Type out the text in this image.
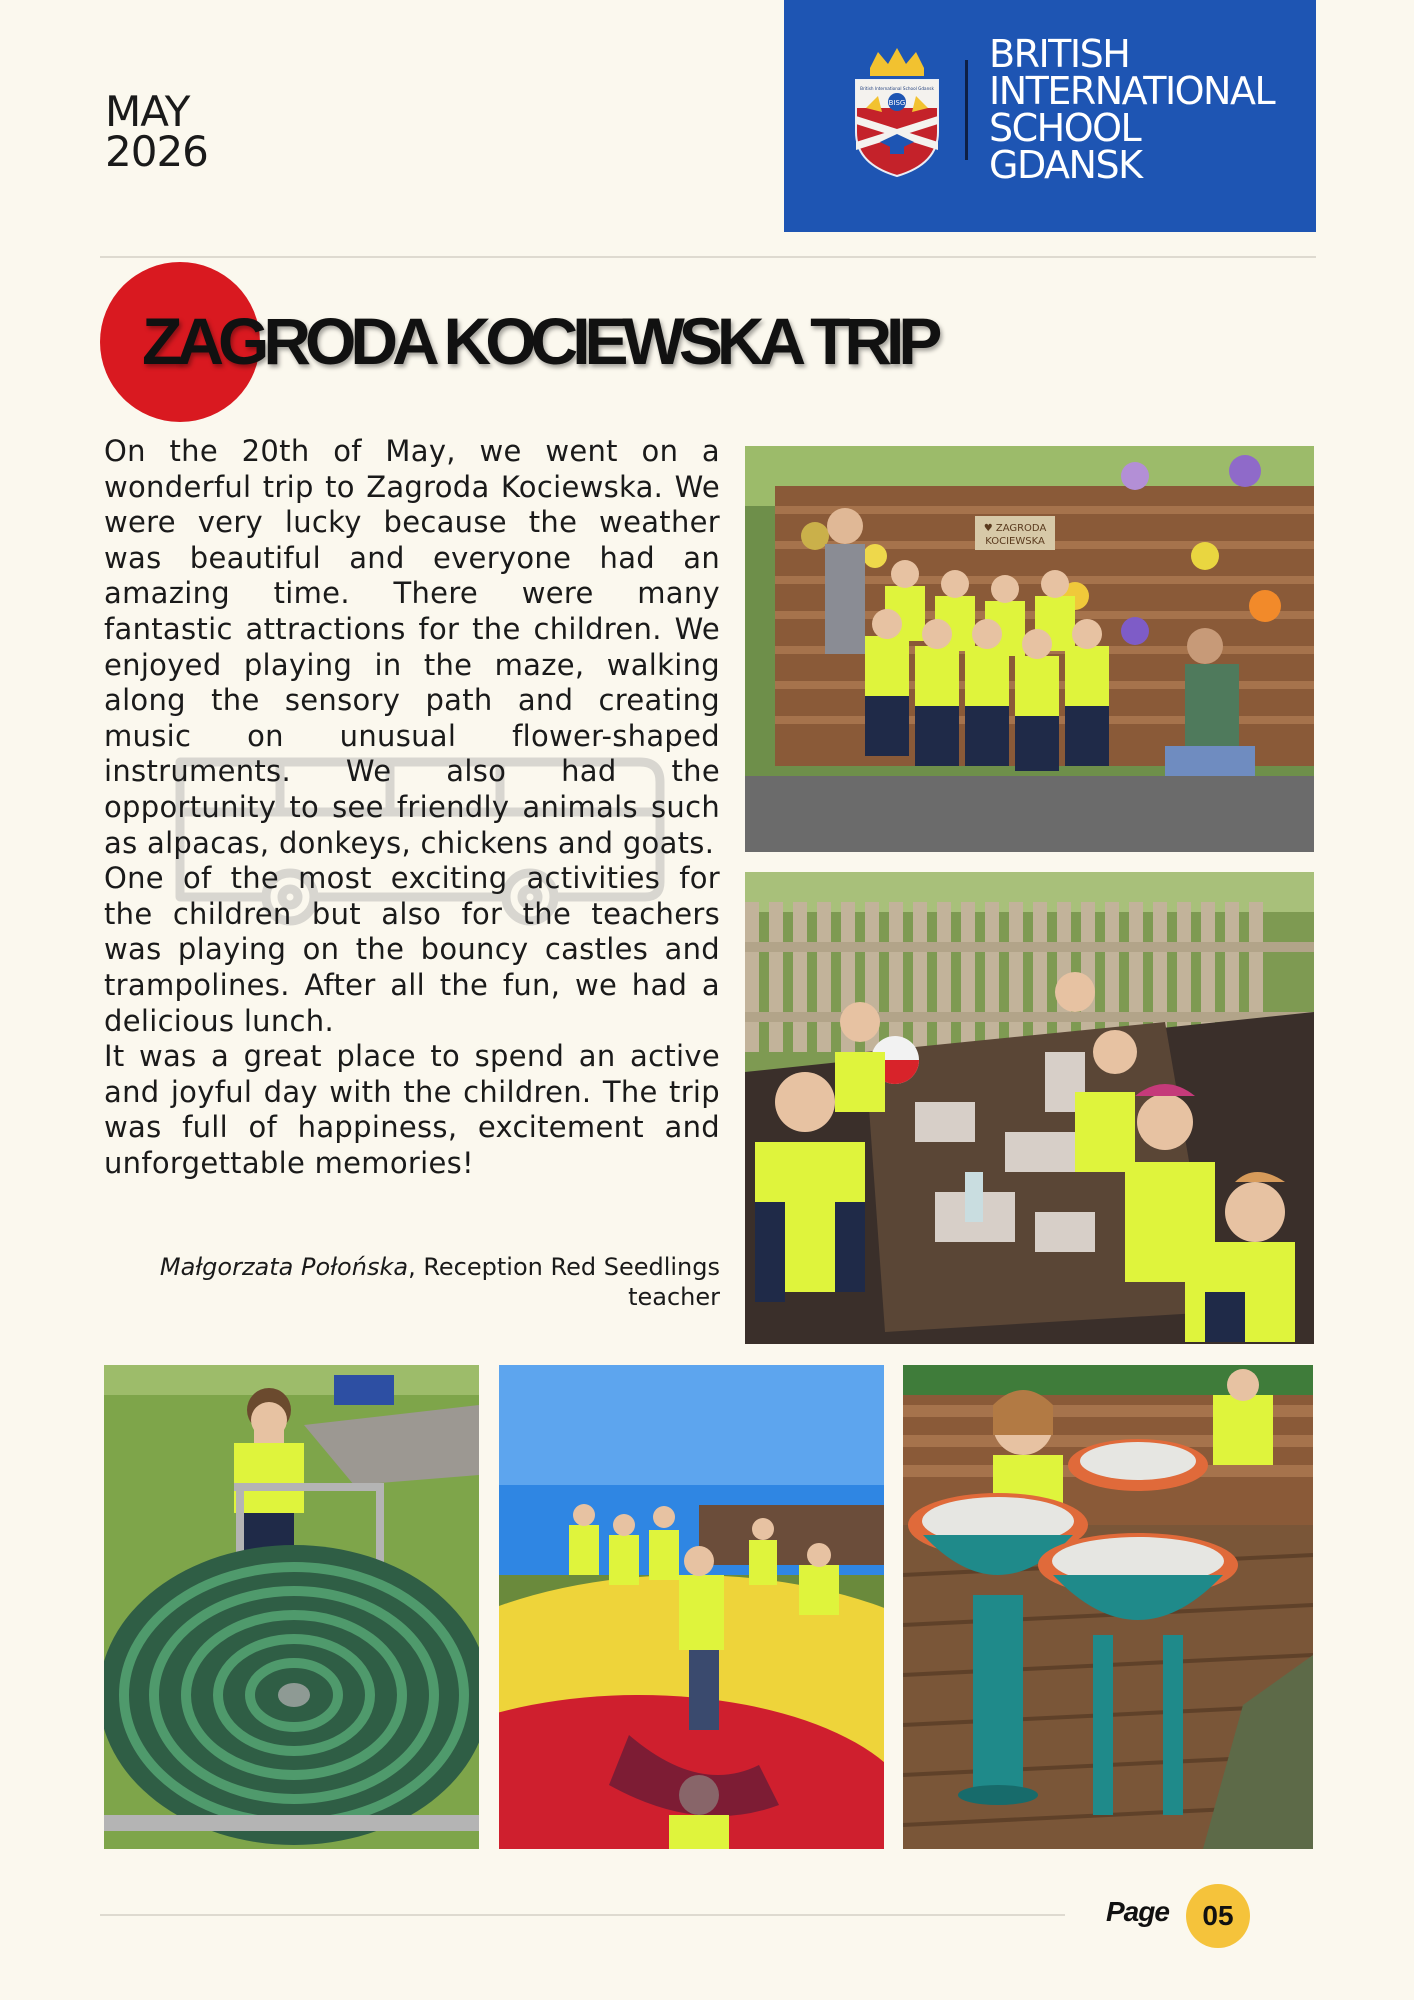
MAY
2026
British International School Gdansk
BISG
BRITISH
INTERNATIONAL
SCHOOL
GDANSK
ZAGRODA KOCIEWSKA TRIP

On the 20th of May, we went on a wonderful trip to Zagroda Kociewska. We were very lucky because the weather was beautiful and everyone had an amazing time. There were many fantastic attractions for the children. We enjoyed playing in the maze, walking along the sensory path and creating music on unusual flower-shaped instruments. We also had the opportunity to see friendly animals such as alpacas, donkeys, chickens and goats.

One of the most exciting activities for the children but also for the teachers was playing on the bouncy castles and trampolines. After all the fun, we had a delicious lunch.

It was a great place to spend an active and joyful day with the children. The trip was full of happiness, excitement and unforgettable memories!

Małgorzata Połońska, Reception Red Seedlings teacher
♥ ZAGRODA
KOCIEWSKA
Page	05
